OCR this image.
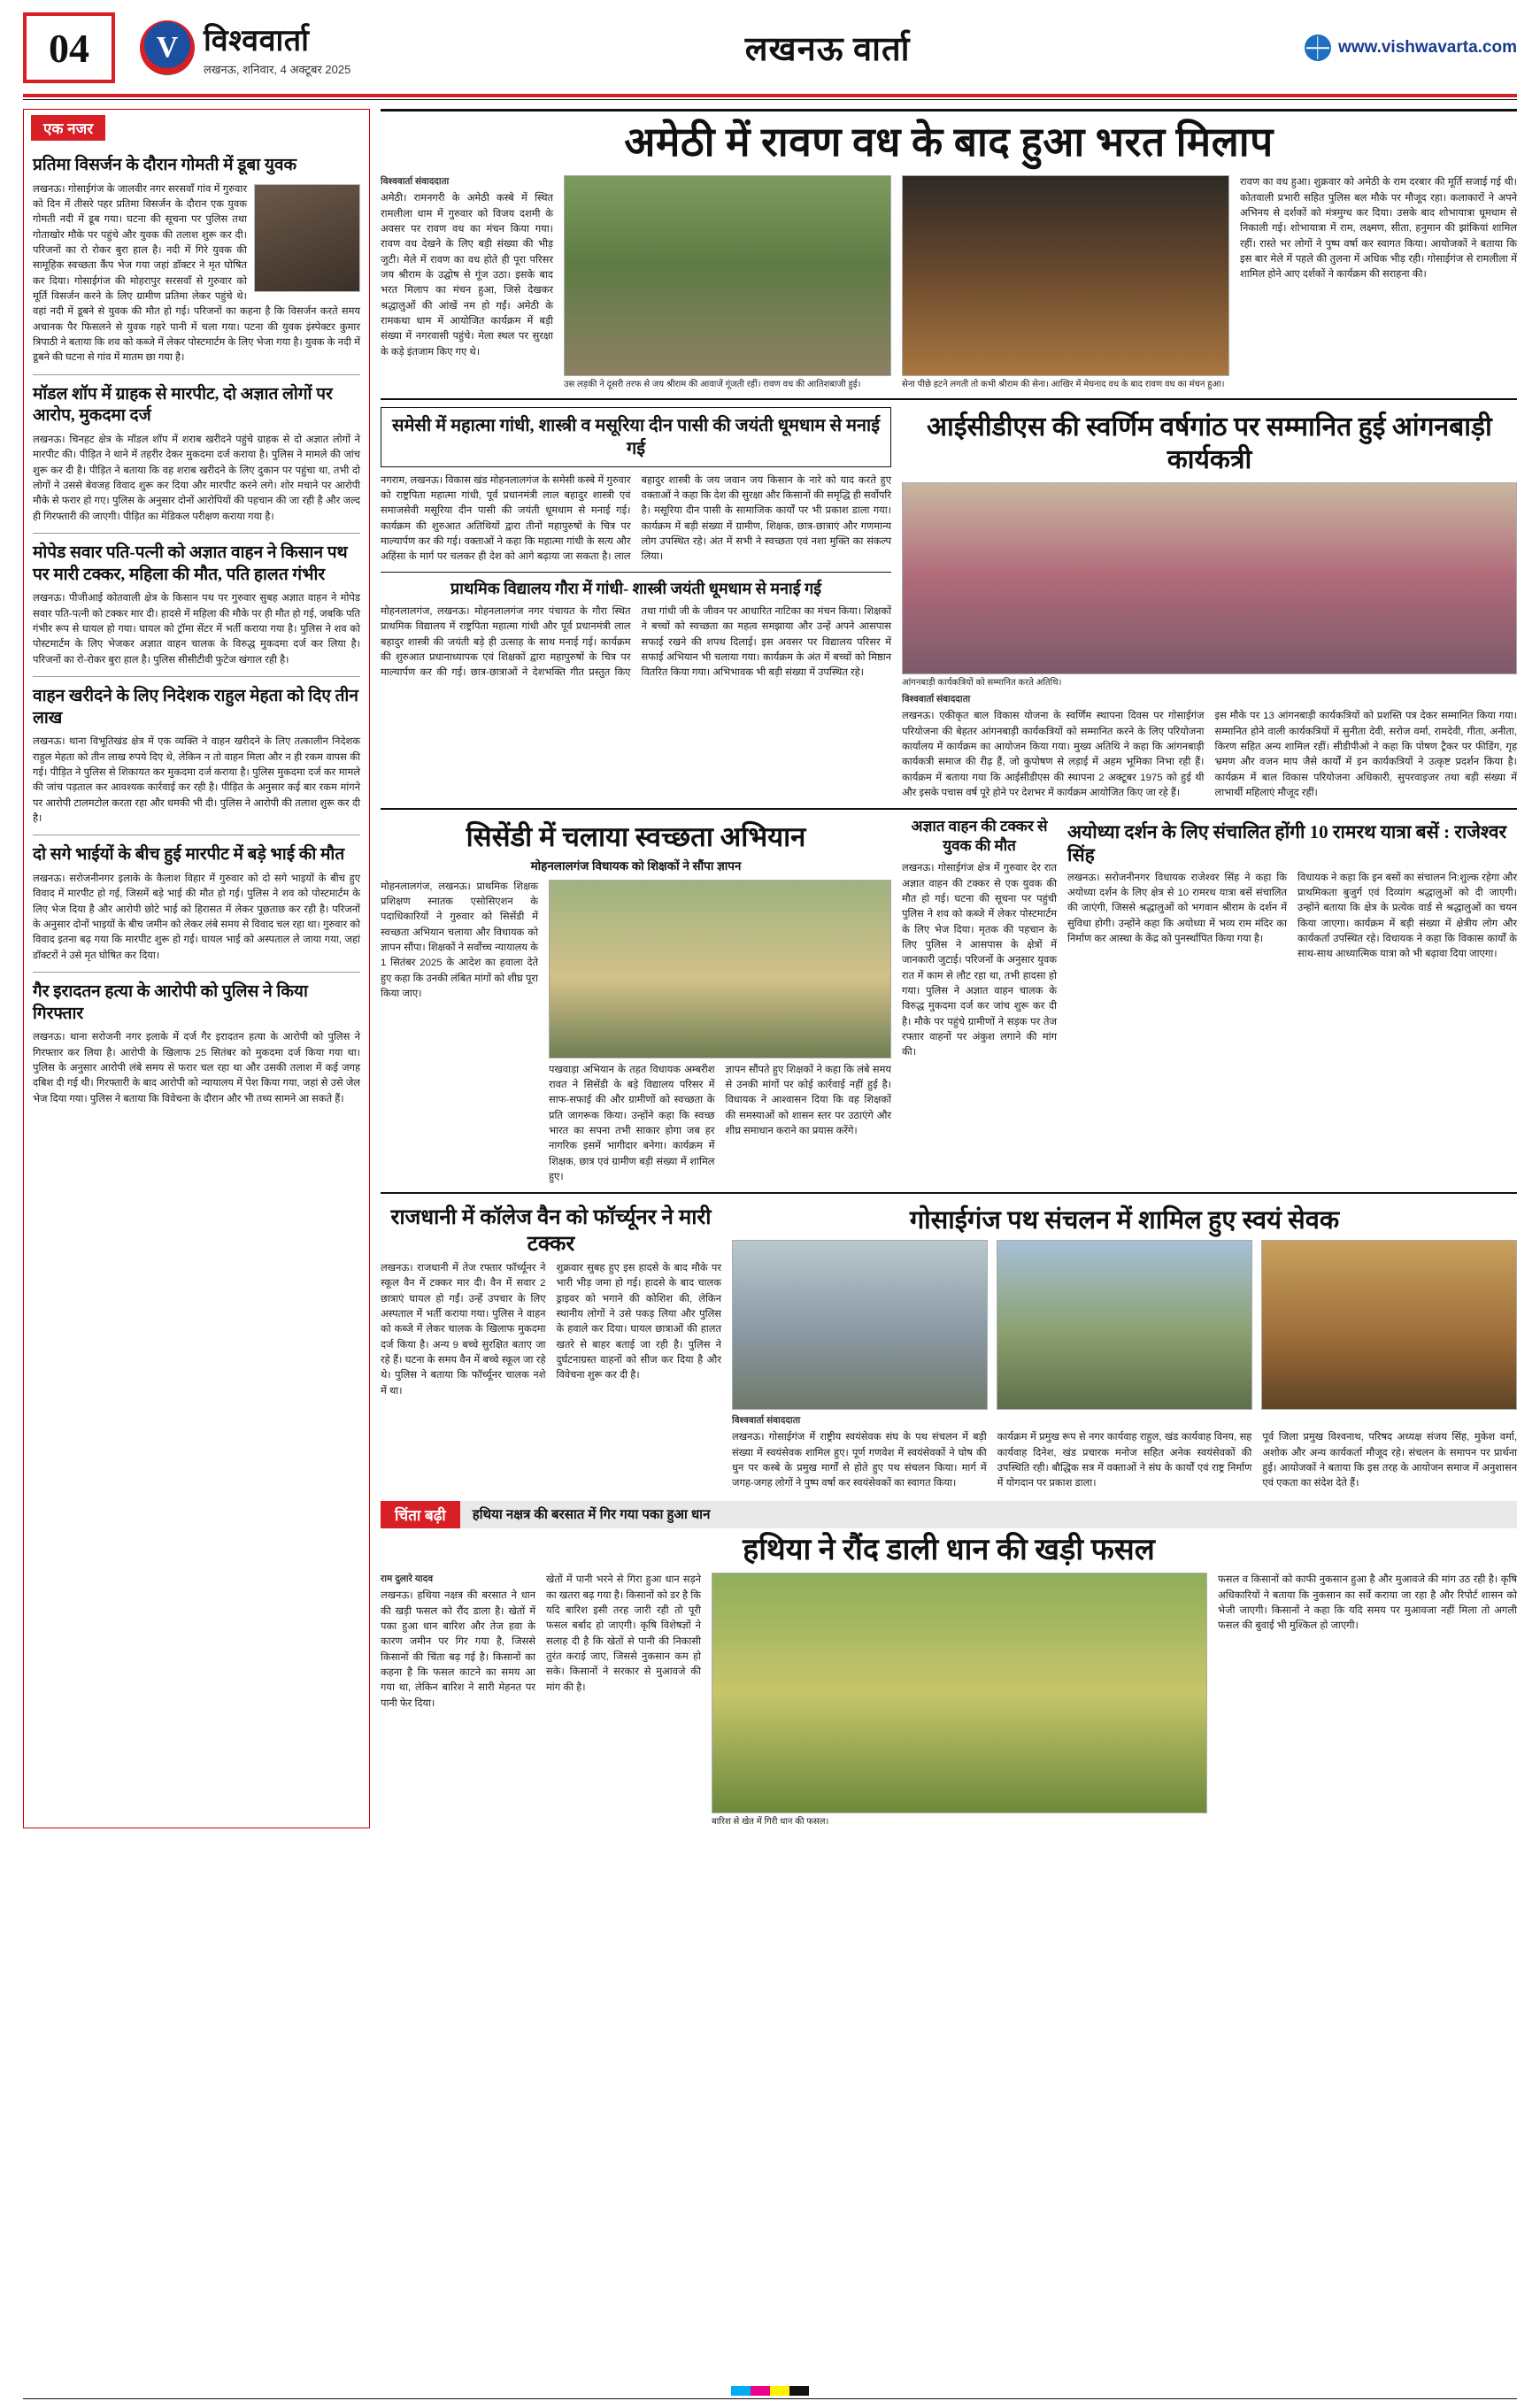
04 V	विश्ववार्ता
लखनऊ, शनिवार, 4 अक्टूबर 2025
लखनऊ वार्ता	www.vishwavarta.com
एक नजर
प्रतिमा विसर्जन के दौरान गोमती में डूबा युवक
लखनऊ। गोसाईगंज के जालवीर नगर सरसवाँ गांव में गुरुवार को दिन में तीसरे पहर प्रतिमा विसर्जन के दौरान एक युवक गोमती नदी में डूब गया। घटना की सूचना पर पुलिस तथा गोताखोर मौके पर पहुंचे और युवक की तलाश शुरू कर दी। परिजनों का रो रोकर बुरा हाल है। नदी में गिरे युवक की सामूहिक स्वच्छता कैंप भेज गया जहां डॉक्टर ने मृत घोषित कर दिया। गोसाईगंज की मोहरापुर सरसवाँ से गुरुवार को मूर्ति विसर्जन करने के लिए ग्रामीण प्रतिमा लेकर पहुंचे थे। वहां नदी में डूबने से युवक की मौत हो गई। परिजनों का कहना है कि विसर्जन करते समय अचानक पैर फिसलने से युवक गहरे पानी में चला गया। पटना की युवक इंस्पेक्टर कुमार त्रिपाठी ने बताया कि शव को कब्जे में लेकर पोस्टमार्टम के लिए भेजा गया है। युवक के नदी में डूबने की घटना से गांव में मातम छा गया है।
मॉडल शॉप में ग्राहक से मारपीट, दो अज्ञात लोगों पर आरोप, मुकदमा दर्ज
लखनऊ। चिनहट क्षेत्र के मॉडल शॉप में शराब खरीदने पहुंचे ग्राहक से दो अज्ञात लोगों ने मारपीट की। पीड़ित ने थाने में तहरीर देकर मुकदमा दर्ज कराया है। पुलिस ने मामले की जांच शुरू कर दी है। पीड़ित ने बताया कि वह शराब खरीदने के लिए दुकान पर पहुंचा था, तभी दो लोगों ने उससे बेवजह विवाद शुरू कर दिया और मारपीट करने लगे। शोर मचाने पर आरोपी मौके से फरार हो गए। पुलिस के अनुसार दोनों आरोपियों की पहचान की जा रही है और जल्द ही गिरफ्तारी की जाएगी। पीड़ित का मेडिकल परीक्षण कराया गया है।
मोपेड सवार पति-पत्नी को अज्ञात वाहन ने किसान पथ पर मारी टक्कर, महिला की मौत, पति हालत गंभीर
लखनऊ। पीजीआई कोतवाली क्षेत्र के किसान पथ पर गुरुवार सुबह अज्ञात वाहन ने मोपेड सवार पति-पत्नी को टक्कर मार दी। हादसे में महिला की मौके पर ही मौत हो गई, जबकि पति गंभीर रूप से घायल हो गया। घायल को ट्रॉमा सेंटर में भर्ती कराया गया है। पुलिस ने शव को पोस्टमार्टम के लिए भेजकर अज्ञात वाहन चालक के विरुद्ध मुकदमा दर्ज कर लिया है। परिजनों का रो-रोकर बुरा हाल है। पुलिस सीसीटीवी फुटेज खंगाल रही है।
वाहन खरीदने के लिए निदेशक राहुल मेहता को दिए तीन लाख
लखनऊ। थाना विभूतिखंड क्षेत्र में एक व्यक्ति ने वाहन खरीदने के लिए तत्कालीन निदेशक राहुल मेहता को तीन लाख रुपये दिए थे, लेकिन न तो वाहन मिला और न ही रकम वापस की गई। पीड़ित ने पुलिस से शिकायत कर मुकदमा दर्ज कराया है। पुलिस मुकदमा दर्ज कर मामले की जांच पड़ताल कर आवश्यक कार्रवाई कर रही है। पीड़ित के अनुसार कई बार रकम मांगने पर आरोपी टालमटोल करता रहा और धमकी भी दी। पुलिस ने आरोपी की तलाश शुरू कर दी है।
दो सगे भाईयों के बीच हुई मारपीट में बड़े भाई की मौत
लखनऊ। सरोजनीनगर इलाके के कैलाश विहार में गुरुवार को दो सगे भाइयों के बीच हुए विवाद में मारपीट हो गई, जिसमें बड़े भाई की मौत हो गई। पुलिस ने शव को पोस्टमार्टम के लिए भेज दिया है और आरोपी छोटे भाई को हिरासत में लेकर पूछताछ कर रही है। परिजनों के अनुसार दोनों भाइयों के बीच जमीन को लेकर लंबे समय से विवाद चल रहा था। गुरुवार को विवाद इतना बढ़ गया कि मारपीट शुरू हो गई। घायल भाई को अस्पताल ले जाया गया, जहां डॉक्टरों ने उसे मृत घोषित कर दिया।
गैर इरादतन हत्या के आरोपी को पुलिस ने किया गिरफ्तार
लखनऊ। थाना सरोजनी नगर इलाके में दर्ज गैर इरादतन हत्या के आरोपी को पुलिस ने गिरफ्तार कर लिया है। आरोपी के खिलाफ 25 सितंबर को मुकदमा दर्ज किया गया था। पुलिस के अनुसार आरोपी लंबे समय से फरार चल रहा था और उसकी तलाश में कई जगह दबिश दी गई थी। गिरफ्तारी के बाद आरोपी को न्यायालय में पेश किया गया, जहां से उसे जेल भेज दिया गया। पुलिस ने बताया कि विवेचना के दौरान और भी तथ्य सामने आ सकते हैं।
अमेठी में रावण वध के बाद हुआ भरत मिलाप
विश्ववार्ता संवाददाता
अमेठी। रामनगरी के अमेठी कस्बे में स्थित रामलीला धाम में गुरुवार को विजय दशमी के अवसर पर रावण वध का मंचन किया गया। रावण वध देखने के लिए बड़ी संख्या की भीड़ जुटी। मेले में रावण का वध होते ही पूरा परिसर जय श्रीराम के उद्घोष से गूंज उठा। इसके बाद भरत मिलाप का मंचन हुआ, जिसे देखकर श्रद्धालुओं की आंखें नम हो गईं। अमेठी के रामकथा धाम में आयोजित कार्यक्रम में बड़ी संख्या में नगरवासी पहुंचे। मेला स्थल पर सुरक्षा के कड़े इंतजाम किए गए थे।
उस लड़की ने दूसरी तरफ से जय श्रीराम की आवाजें गूंजती रहीं। रावण वध की आतिशबाजी हुई।	सेना पीछे हटने लगती तो कभी श्रीराम की सेना। आखिर में मेघनाद वध के बाद रावण वध का मंचन हुआ।
रावण का वध हुआ। शुक्रवार को अमेठी के राम दरबार की मूर्ति सजाई गई थी। कोतवाली प्रभारी सहित पुलिस बल मौके पर मौजूद रहा। कलाकारों ने अपने अभिनय से दर्शकों को मंत्रमुग्ध कर दिया। उसके बाद शोभायात्रा धूमधाम से निकाली गई। शोभायात्रा में राम, लक्ष्मण, सीता, हनुमान की झांकियां शामिल रहीं। रास्ते भर लोगों ने पुष्प वर्षा कर स्वागत किया। आयोजकों ने बताया कि इस बार मेले में पहले की तुलना में अधिक भीड़ रही। गोसाईगंज से रामलीला में शामिल होने आए दर्शकों ने कार्यक्रम की सराहना की।
समेसी में महात्मा गांधी, शास्त्री व मसूरिया दीन पासी की जयंती धूमधाम से मनाई गई
नगराम, लखनऊ। विकास खंड मोहनलालगंज के समेसी कस्बे में गुरुवार को राष्ट्रपिता महात्मा गांधी, पूर्व प्रधानमंत्री लाल बहादुर शास्त्री एवं समाजसेवी मसूरिया दीन पासी की जयंती धूमधाम से मनाई गई। कार्यक्रम की शुरुआत अतिथियों द्वारा तीनों महापुरुषों के चित्र पर माल्यार्पण कर की गई। वक्ताओं ने कहा कि महात्मा गांधी के सत्य और अहिंसा के मार्ग पर चलकर ही देश को आगे बढ़ाया जा सकता है। लाल बहादुर शास्त्री के जय जवान जय किसान के नारे को याद करते हुए वक्ताओं ने कहा कि देश की सुरक्षा और किसानों की समृद्धि ही सर्वोपरि है। मसूरिया दीन पासी के सामाजिक कार्यों पर भी प्रकाश डाला गया। कार्यक्रम में बड़ी संख्या में ग्रामीण, शिक्षक, छात्र-छात्राएं और गणमान्य लोग उपस्थित रहे। अंत में सभी ने स्वच्छता एवं नशा मुक्ति का संकल्प लिया।
प्राथमिक विद्यालय गौरा में गांधी- शास्त्री जयंती धूमधाम से मनाई गई
मोहनलालगंज, लखनऊ। मोहनलालगंज नगर पंचायत के गौरा स्थित प्राथमिक विद्यालय में राष्ट्रपिता महात्मा गांधी और पूर्व प्रधानमंत्री लाल बहादुर शास्त्री की जयंती बड़े ही उत्साह के साथ मनाई गई। कार्यक्रम की शुरुआत प्रधानाध्यापक एवं शिक्षकों द्वारा महापुरुषों के चित्र पर माल्यार्पण कर की गई। छात्र-छात्राओं ने देशभक्ति गीत प्रस्तुत किए तथा गांधी जी के जीवन पर आधारित नाटिका का मंचन किया। शिक्षकों ने बच्चों को स्वच्छता का महत्व समझाया और उन्हें अपने आसपास सफाई रखने की शपथ दिलाई। इस अवसर पर विद्यालय परिसर में सफाई अभियान भी चलाया गया। कार्यक्रम के अंत में बच्चों को मिष्ठान वितरित किया गया। अभिभावक भी बड़ी संख्या में उपस्थित रहे।
आईसीडीएस की स्वर्णिम वर्षगांठ पर सम्मानित हुई आंगनबाड़ी कार्यकत्री
आंगनबाड़ी कार्यकत्रियों को सम्मानित करते अतिथि।
विश्ववार्ता संवाददाता
लखनऊ। एकीकृत बाल विकास योजना के स्वर्णिम स्थापना दिवस पर गोसाईगंज परियोजना की बेहतर आंगनबाड़ी कार्यकत्रियों को सम्मानित करने के लिए परियोजना कार्यालय में कार्यक्रम का आयोजन किया गया। मुख्य अतिथि ने कहा कि आंगनबाड़ी कार्यकत्री समाज की रीढ़ हैं, जो कुपोषण से लड़ाई में अहम भूमिका निभा रही हैं। कार्यक्रम में बताया गया कि आईसीडीएस की स्थापना 2 अक्टूबर 1975 को हुई थी और इसके पचास वर्ष पूरे होने पर देशभर में कार्यक्रम आयोजित किए जा रहे हैं।
इस मौके पर 13 आंगनबाड़ी कार्यकत्रियों को प्रशस्ति पत्र देकर सम्मानित किया गया। सम्मानित होने वाली कार्यकत्रियों में सुनीता देवी, सरोज वर्मा, रामदेवी, गीता, अनीता, किरण सहित अन्य शामिल रहीं। सीडीपीओ ने कहा कि पोषण ट्रैकर पर फीडिंग, गृह भ्रमण और वजन माप जैसे कार्यों में इन कार्यकत्रियों ने उत्कृष्ट प्रदर्शन किया है। कार्यक्रम में बाल विकास परियोजना अधिकारी, सुपरवाइजर तथा बड़ी संख्या में लाभार्थी महिलाएं मौजूद रहीं।
सिसेंडी में चलाया स्वच्छता अभियान
मोहनलालगंज विधायक को शिक्षकों ने सौंपा ज्ञापन
मोहनलालगंज, लखनऊ। प्राथमिक शिक्षक प्रशिक्षण स्नातक एसोसिएशन के पदाधिकारियों ने गुरुवार को सिसेंडी में स्वच्छता अभियान चलाया और विधायक को ज्ञापन सौंपा। शिक्षकों ने सर्वोच्च न्यायालय के 1 सितंबर 2025 के आदेश का हवाला देते हुए कहा कि उनकी लंबित मांगों को शीघ्र पूरा किया जाए।
पखवाड़ा अभियान के तहत विधायक अम्बरीश रावत ने सिसेंडी के बड़े विद्यालय परिसर में साफ-सफाई की और ग्रामीणों को स्वच्छता के प्रति जागरूक किया। उन्होंने कहा कि स्वच्छ भारत का सपना तभी साकार होगा जब हर नागरिक इसमें भागीदार बनेगा। कार्यक्रम में शिक्षक, छात्र एवं ग्रामीण बड़ी संख्या में शामिल हुए।
ज्ञापन सौंपते हुए शिक्षकों ने कहा कि लंबे समय से उनकी मांगों पर कोई कार्रवाई नहीं हुई है। विधायक ने आश्वासन दिया कि वह शिक्षकों की समस्याओं को शासन स्तर पर उठाएंगे और शीघ्र समाधान कराने का प्रयास करेंगे।
अज्ञात वाहन की टक्कर से युवक की मौत
लखनऊ। गोसाईगंज क्षेत्र में गुरुवार देर रात अज्ञात वाहन की टक्कर से एक युवक की मौत हो गई। घटना की सूचना पर पहुंची पुलिस ने शव को कब्जे में लेकर पोस्टमार्टम के लिए भेज दिया। मृतक की पहचान के लिए पुलिस ने आसपास के क्षेत्रों में जानकारी जुटाई। परिजनों के अनुसार युवक रात में काम से लौट रहा था, तभी हादसा हो गया। पुलिस ने अज्ञात वाहन चालक के विरुद्ध मुकदमा दर्ज कर जांच शुरू कर दी है। मौके पर पहुंचे ग्रामीणों ने सड़क पर तेज रफ्तार वाहनों पर अंकुश लगाने की मांग की।
अयोध्या दर्शन के लिए संचालित होंगी 10 रामरथ यात्रा बसें : राजेश्वर सिंह
लखनऊ। सरोजनीनगर विधायक राजेश्वर सिंह ने कहा कि अयोध्या दर्शन के लिए क्षेत्र से 10 रामरथ यात्रा बसें संचालित की जाएंगी, जिससे श्रद्धालुओं को भगवान श्रीराम के दर्शन में सुविधा होगी। उन्होंने कहा कि अयोध्या में भव्य राम मंदिर का निर्माण कर आस्था के केंद्र को पुनर्स्थापित किया गया है।
विधायक ने कहा कि इन बसों का संचालन नि:शुल्क रहेगा और प्राथमिकता बुजुर्ग एवं दिव्यांग श्रद्धालुओं को दी जाएगी। उन्होंने बताया कि क्षेत्र के प्रत्येक वार्ड से श्रद्धालुओं का चयन किया जाएगा। कार्यक्रम में बड़ी संख्या में क्षेत्रीय लोग और कार्यकर्ता उपस्थित रहे। विधायक ने कहा कि विकास कार्यों के साथ-साथ आध्यात्मिक यात्रा को भी बढ़ावा दिया जाएगा।
राजधानी में कॉलेज वैन को फॉर्च्यूनर ने मारी टक्कर
लखनऊ। राजधानी में तेज रफ्तार फॉर्च्यूनर ने स्कूल वैन में टक्कर मार दी। वैन में सवार 2 छात्राएं घायल हो गईं। उन्हें उपचार के लिए अस्पताल में भर्ती कराया गया। पुलिस ने वाहन को कब्जे में लेकर चालक के खिलाफ मुकदमा दर्ज किया है। अन्य 9 बच्चे सुरक्षित बताए जा रहे हैं। घटना के समय वैन में बच्चे स्कूल जा रहे थे। पुलिस ने बताया कि फॉर्च्यूनर चालक नशे में था।
शुक्रवार सुबह हुए इस हादसे के बाद मौके पर भारी भीड़ जमा हो गई। हादसे के बाद चालक ड्राइवर को भगाने की कोशिश की, लेकिन स्थानीय लोगों ने उसे पकड़ लिया और पुलिस के हवाले कर दिया। घायल छात्राओं की हालत खतरे से बाहर बताई जा रही है। पुलिस ने दुर्घटनाग्रस्त वाहनों को सीज कर दिया है और विवेचना शुरू कर दी है।
गोसाईगंज पथ संचलन में शामिल हुए स्वयं सेवक
विश्ववार्ता संवाददाता
लखनऊ। गोसाईगंज में राष्ट्रीय स्वयंसेवक संघ के पथ संचलन में बड़ी संख्या में स्वयंसेवक शामिल हुए। पूर्ण गणवेश में स्वयंसेवकों ने घोष की धुन पर कस्बे के प्रमुख मार्गों से होते हुए पथ संचलन किया। मार्ग में जगह-जगह लोगों ने पुष्प वर्षा कर स्वयंसेवकों का स्वागत किया।
कार्यक्रम में प्रमुख रूप से नगर कार्यवाह राहुल, खंड कार्यवाह विनय, सह कार्यवाह दिनेश, खंड प्रचारक मनोज सहित अनेक स्वयंसेवकों की उपस्थिति रही। बौद्धिक सत्र में वक्ताओं ने संघ के कार्यों एवं राष्ट्र निर्माण में योगदान पर प्रकाश डाला।
पूर्व जिला प्रमुख विश्वनाथ, परिषद अध्यक्ष संजय सिंह, मुकेश वर्मा, अशोक और अन्य कार्यकर्ता मौजूद रहे। संचलन के समापन पर प्रार्थना हुई। आयोजकों ने बताया कि इस तरह के आयोजन समाज में अनुशासन एवं एकता का संदेश देते हैं।
चिंता बढ़ी	हथिया नक्षत्र की बरसात में गिर गया पका हुआ धान
हथिया ने रौंद डाली धान की खड़ी फसल
राम दुलारे यादव
लखनऊ। हथिया नक्षत्र की बरसात ने धान की खड़ी फसल को रौंद डाला है। खेतों में पका हुआ धान बारिश और तेज हवा के कारण जमीन पर गिर गया है, जिससे किसानों की चिंता बढ़ गई है। किसानों का कहना है कि फसल काटने का समय आ गया था, लेकिन बारिश ने सारी मेहनत पर पानी फेर दिया।
खेतों में पानी भरने से गिरा हुआ धान सड़ने का खतरा बढ़ गया है। किसानों को डर है कि यदि बारिश इसी तरह जारी रही तो पूरी फसल बर्बाद हो जाएगी। कृषि विशेषज्ञों ने सलाह दी है कि खेतों से पानी की निकासी तुरंत कराई जाए, जिससे नुकसान कम हो सके। किसानों ने सरकार से मुआवजे की मांग की है।
बारिश से खेत में गिरी धान की फसल।
फसल व किसानों को काफी नुकसान हुआ है और मुआवजे की मांग उठ रही है। कृषि अधिकारियों ने बताया कि नुकसान का सर्वे कराया जा रहा है और रिपोर्ट शासन को भेजी जाएगी। किसानों ने कहा कि यदि समय पर मुआवजा नहीं मिला तो अगली फसल की बुवाई भी मुश्किल हो जाएगी।
